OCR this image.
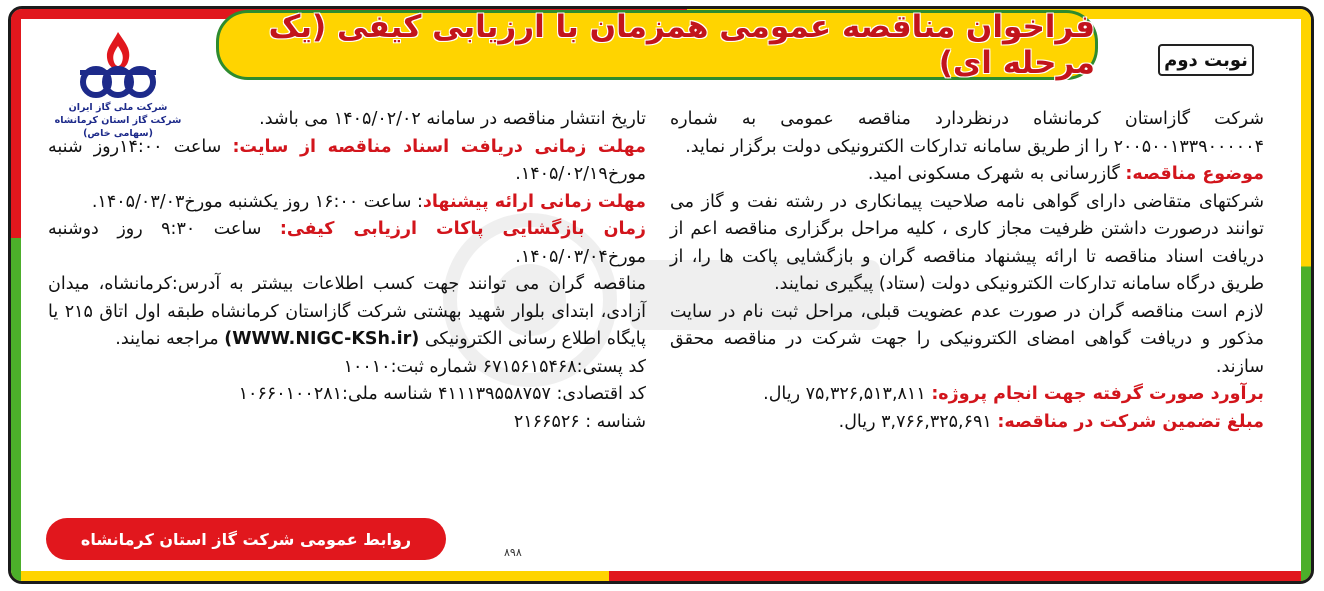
فراخوان مناقصه عمومی همزمان با ارزیابی کیفی (یک مرحله ای)	نوبت دوم
شرکت ملی گاز ایران
شرکت گاز استان کرمانشاه
(سهامی خاص)

شرکت گازاستان کرمانشاه درنظردارد مناقصه عمومی به شماره ۲۰۰۵۰۰۱۳۳۹۰۰۰۰۰۴ را از طریق سامانه تدارکات الکترونیکی دولت برگزار نماید.

موضوع مناقصه: گازرسانی به شهرک مسکونی امید.

شرکتهای متقاضی دارای گواهی نامه صلاحیت پیمانکاری در رشته نفت و گاز می توانند درصورت داشتن ظرفیت مجاز کاری ، کلیه مراحل برگزاری مناقصه اعم از دریافت اسناد مناقصه تا ارائه پیشنهاد مناقصه گران و بازگشایی پاکت ها را، از طریق درگاه سامانه تدارکات الکترونیکی دولت (ستاد) پیگیری نمایند.

لازم است مناقصه گران در صورت عدم عضویت قبلی، مراحل ثبت نام در سایت مذکور و دریافت گواهی امضای الکترونیکی را جهت شرکت در مناقصه محقق سازند.

برآورد صورت گرفته جهت انجام پروژه: ۷۵,۳۲۶,۵۱۳,۸۱۱ ریال.

مبلغ تضمین شرکت در مناقصه: ۳,۷۶۶,۳۲۵,۶۹۱ ریال.

تاریخ انتشار مناقصه در سامانه ۱۴۰۵/۰۲/۰۲ می باشد.

مهلت زمانی دریافت اسناد مناقصه از سایت: ساعت ۱۴:۰۰روز شنبه مورخ۱۴۰۵/۰۲/۱۹.

مهلت زمانی ارائه پیشنهاد: ساعت ۱۶:۰۰ روز یکشنبه مورخ۱۴۰۵/۰۳/۰۳.

زمان بازگشایی پاکات ارزیابی کیفی: ساعت ۹:۳۰ روز دوشنبه مورخ۱۴۰۵/۰۳/۰۴.

مناقصه گران می توانند جهت کسب اطلاعات بیشتر به آدرس:کرمانشاه، میدان آزادی، ابتدای بلوار شهید بهشتی شرکت گازاستان کرمانشاه طبقه اول اتاق ۲۱۵ یا پایگاه اطلاع رسانی الکترونیکی (WWW.NIGC-KSh.ir) مراجعه نمایند.

کد پستی:۶۷۱۵۶۱۵۴۶۸ شماره ثبت:۱۰۰۱۰

کد اقتصادی: ۴۱۱۱۳۹۵۵۸۷۵۷ شناسه ملی:۱۰۶۶۰۱۰۰۲۸۱

شناسه : ۲۱۶۶۵۲۶

روابط عمومی شرکت گاز استان کرمانشاه
۸۹۸
